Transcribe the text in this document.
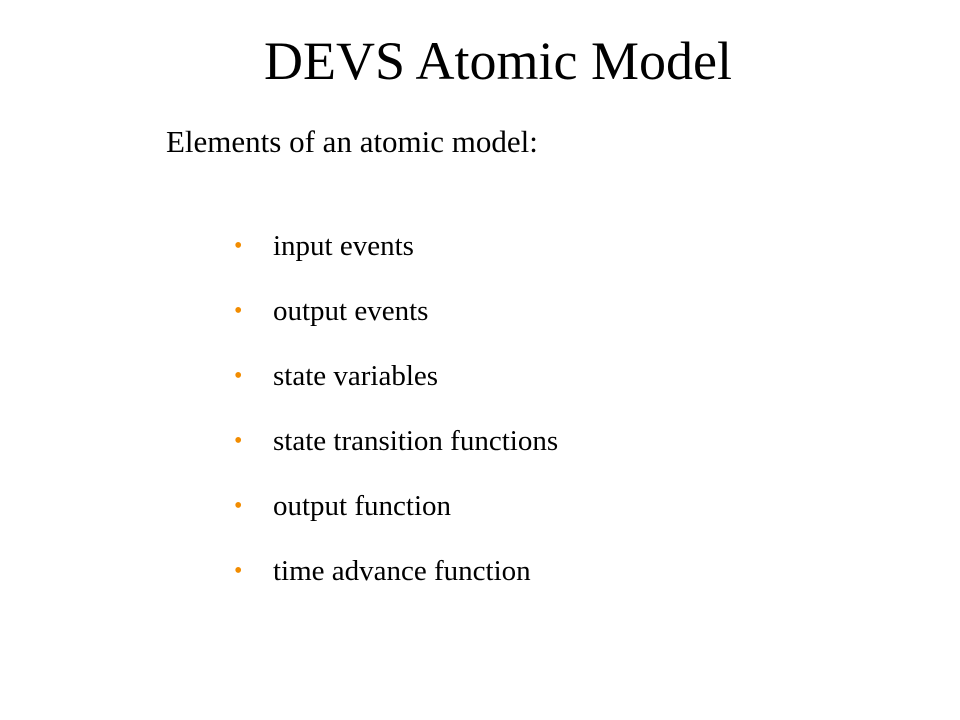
DEVS Atomic Model

Elements of an atomic model:

•	input events
•	output events
•	state variables
•	state transition functions
•	output function
•	time advance function
